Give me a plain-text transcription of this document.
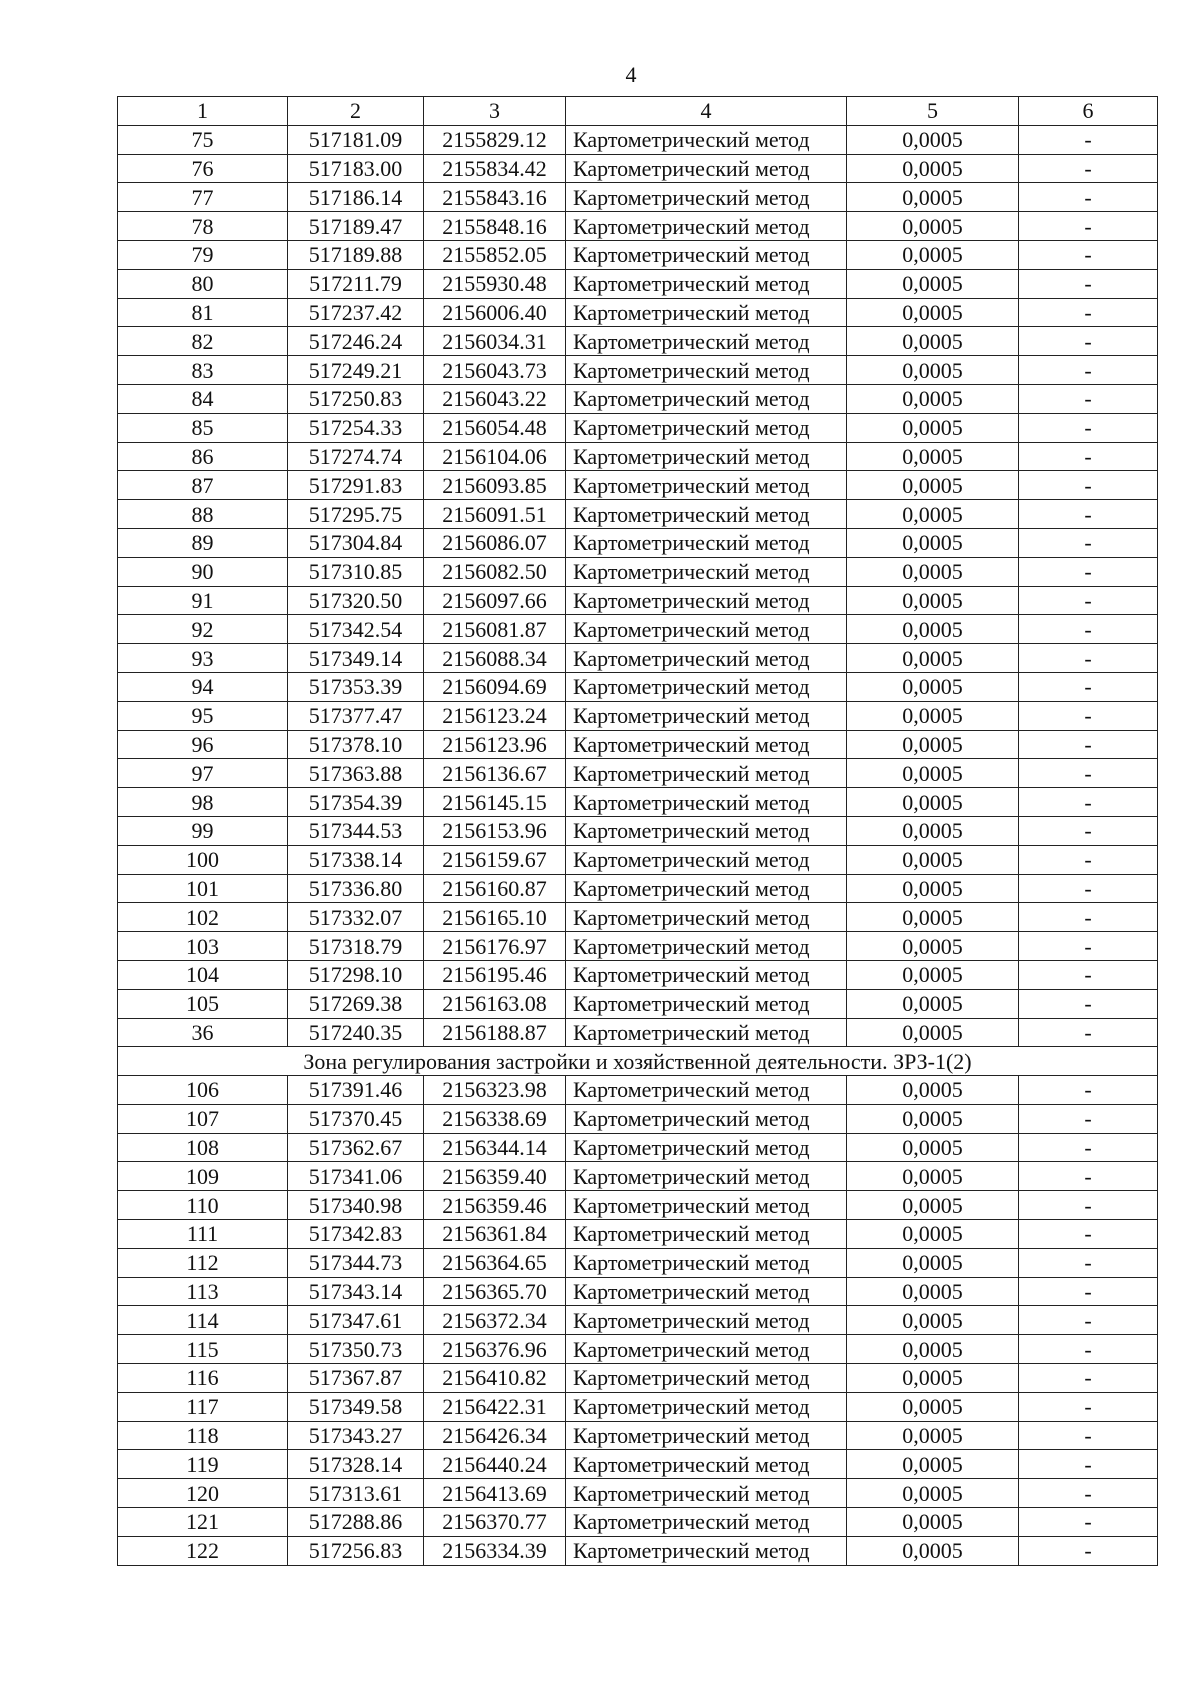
4
1	2	3	4	5	6
75	517181.09	2155829.12	Картометрический метод	0,0005	-
76	517183.00	2155834.42	Картометрический метод	0,0005	-
77	517186.14	2155843.16	Картометрический метод	0,0005	-
78	517189.47	2155848.16	Картометрический метод	0,0005	-
79	517189.88	2155852.05	Картометрический метод	0,0005	-
80	517211.79	2155930.48	Картометрический метод	0,0005	-
81	517237.42	2156006.40	Картометрический метод	0,0005	-
82	517246.24	2156034.31	Картометрический метод	0,0005	-
83	517249.21	2156043.73	Картометрический метод	0,0005	-
84	517250.83	2156043.22	Картометрический метод	0,0005	-
85	517254.33	2156054.48	Картометрический метод	0,0005	-
86	517274.74	2156104.06	Картометрический метод	0,0005	-
87	517291.83	2156093.85	Картометрический метод	0,0005	-
88	517295.75	2156091.51	Картометрический метод	0,0005	-
89	517304.84	2156086.07	Картометрический метод	0,0005	-
90	517310.85	2156082.50	Картометрический метод	0,0005	-
91	517320.50	2156097.66	Картометрический метод	0,0005	-
92	517342.54	2156081.87	Картометрический метод	0,0005	-
93	517349.14	2156088.34	Картометрический метод	0,0005	-
94	517353.39	2156094.69	Картометрический метод	0,0005	-
95	517377.47	2156123.24	Картометрический метод	0,0005	-
96	517378.10	2156123.96	Картометрический метод	0,0005	-
97	517363.88	2156136.67	Картометрический метод	0,0005	-
98	517354.39	2156145.15	Картометрический метод	0,0005	-
99	517344.53	2156153.96	Картометрический метод	0,0005	-
100	517338.14	2156159.67	Картометрический метод	0,0005	-
101	517336.80	2156160.87	Картометрический метод	0,0005	-
102	517332.07	2156165.10	Картометрический метод	0,0005	-
103	517318.79	2156176.97	Картометрический метод	0,0005	-
104	517298.10	2156195.46	Картометрический метод	0,0005	-
105	517269.38	2156163.08	Картометрический метод	0,0005	-
36	517240.35	2156188.87	Картометрический метод	0,0005	-
Зона регулирования застройки и хозяйственной деятельности. ЗРЗ-1(2)					
106	517391.46	2156323.98	Картометрический метод	0,0005	-
107	517370.45	2156338.69	Картометрический метод	0,0005	-
108	517362.67	2156344.14	Картометрический метод	0,0005	-
109	517341.06	2156359.40	Картометрический метод	0,0005	-
110	517340.98	2156359.46	Картометрический метод	0,0005	-
111	517342.83	2156361.84	Картометрический метод	0,0005	-
112	517344.73	2156364.65	Картометрический метод	0,0005	-
113	517343.14	2156365.70	Картометрический метод	0,0005	-
114	517347.61	2156372.34	Картометрический метод	0,0005	-
115	517350.73	2156376.96	Картометрический метод	0,0005	-
116	517367.87	2156410.82	Картометрический метод	0,0005	-
117	517349.58	2156422.31	Картометрический метод	0,0005	-
118	517343.27	2156426.34	Картометрический метод	0,0005	-
119	517328.14	2156440.24	Картометрический метод	0,0005	-
120	517313.61	2156413.69	Картометрический метод	0,0005	-
121	517288.86	2156370.77	Картометрический метод	0,0005	-
122	517256.83	2156334.39	Картометрический метод	0,0005	-
